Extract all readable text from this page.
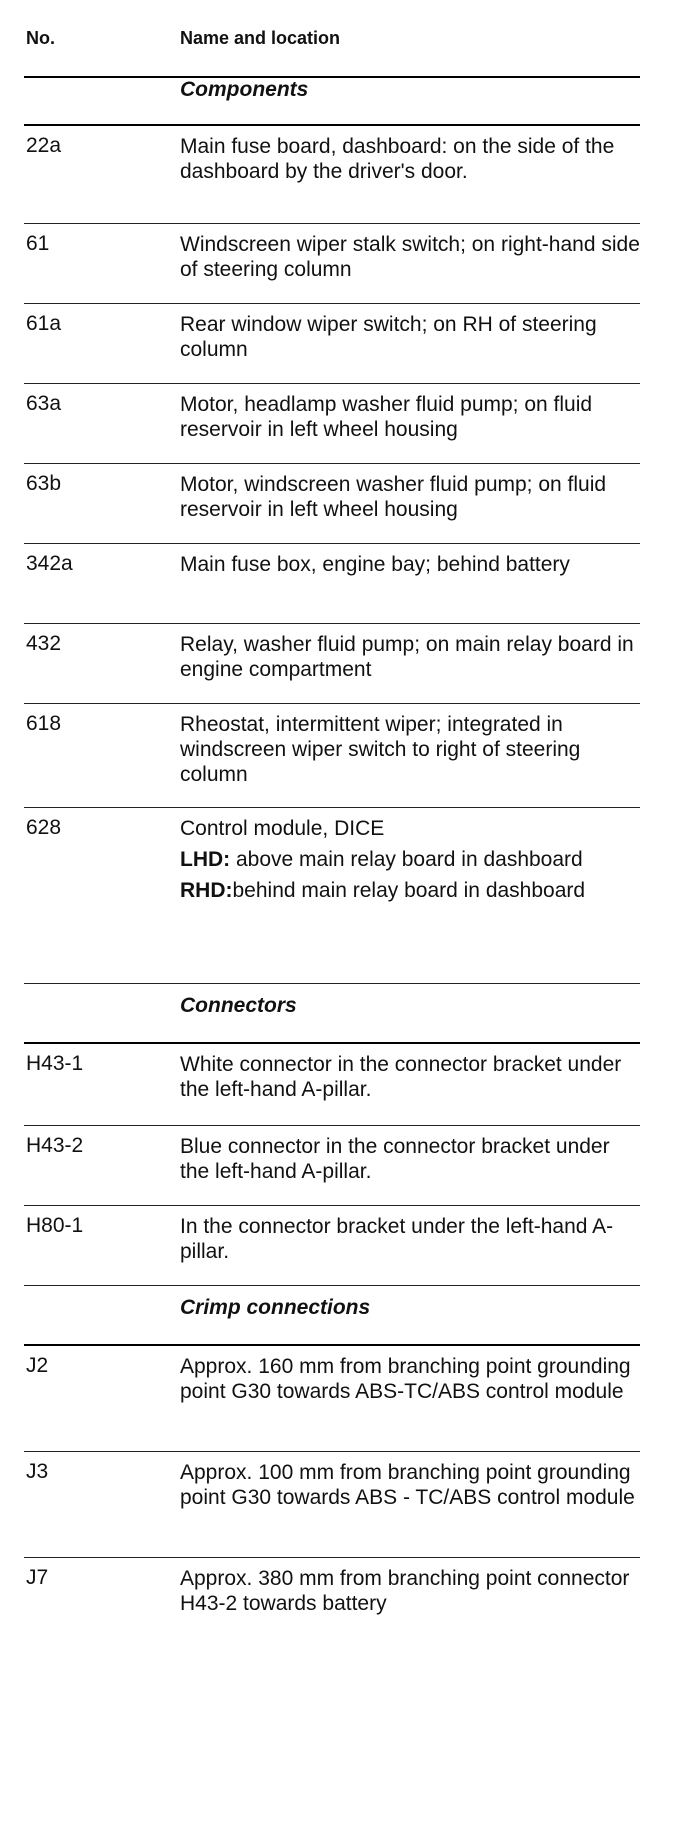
No.	Name and location
Components
22a	Main fuse board, dashboard: on the side of the dashboard by the driver's door.
61	Windscreen wiper stalk switch; on right-hand side of steering column
61a	Rear window wiper switch; on RH of steering column
63a	Motor, headlamp washer fluid pump; on fluid reservoir in left wheel housing
63b	Motor, windscreen washer fluid pump; on fluid reservoir in left wheel housing
342a	Main fuse box, engine bay; behind battery
432	Relay, washer fluid pump; on main relay board in engine compartment
618	Rheostat, intermittent wiper; integrated in windscreen wiper switch to right of steering column
628	Control module, DICE

LHD: above main relay board in dashboard

RHD:behind main relay board in dashboard

Connectors
H43-1	White connector in the connector bracket under the left-hand A-pillar.
H43-2	Blue connector in the connector bracket under the left-hand A-pillar.
H80-1	In the connector bracket under the left-hand A-pillar.
Crimp connections
J2	Approx. 160 mm from branching point grounding point G30 towards ABS-TC/ABS control module
J3	Approx. 100 mm from branching point grounding point G30 towards ABS - TC/ABS control module
J7	Approx. 380 mm from branching point connector H43-2 towards battery
